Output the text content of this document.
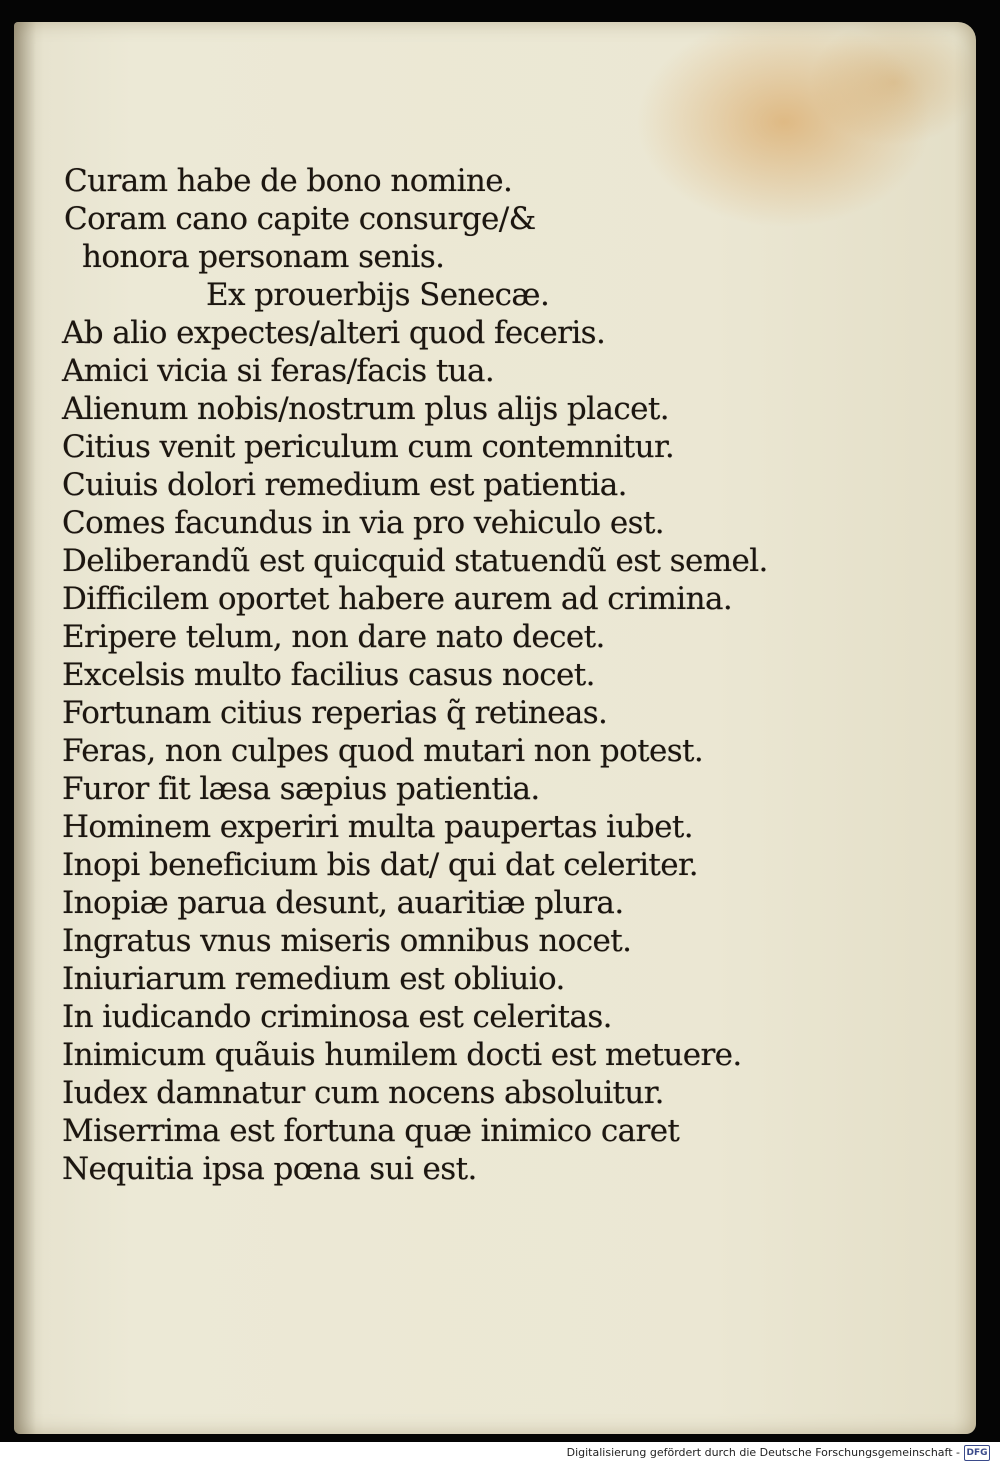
Curam habe de bono nomine.
Coram cano capite consurge/&
honora personam senis.
Ex prouerbijs Senecæ.
Ab alio expectes/alteri quod feceris.
Amici vicia si feras/facis tua.
Alienum nobis/nostrum plus alijs placet.
Citius venit periculum cum contemnitur.
Cuiuis dolori remedium est patientia.
Comes facundus in via pro vehiculo est.
Deliberandũ est quicquid statuendũ est semel.
Difficilem oportet habere aurem ad crimina.
Eripere telum, non dare nato decet.
Excelsis multo facilius casus nocet.
Fortunam citius reperias q̃ retineas.
Feras, non culpes quod mutari non potest.
Furor fit læsa sæpius patientia.
Hominem experiri multa paupertas iubet.
Inopi beneficium bis dat/ qui dat celeriter.
Inopiæ parua desunt, auaritiæ plura.
Ingratus vnus miseris omnibus nocet.
Iniuriarum remedium est obliuio.
In iudicando criminosa est celeritas.
Inimicum quãuis humilem docti est metuere.
Iudex damnatur cum nocens absoluitur.
Miserrima est fortuna quæ inimico caret
Nequitia ipsa pœna sui est.
Digitalisierung gefördert durch die Deutsche Forschungsgemeinschaft - DFG
